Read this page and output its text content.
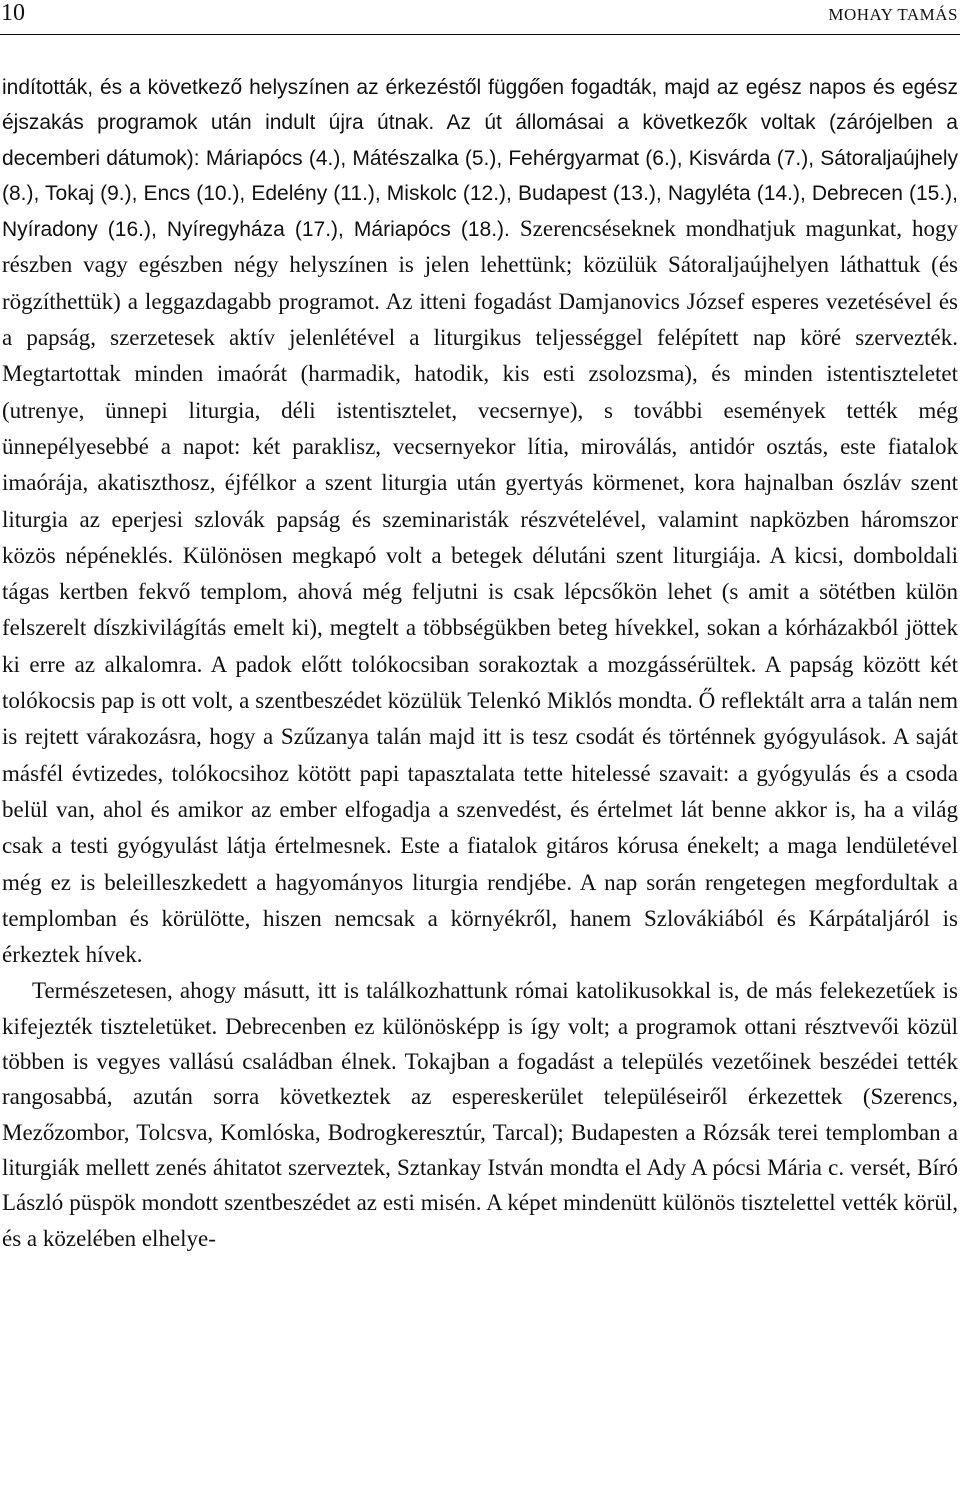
10	MOHAY TAMÁS

indították, és a következő helyszínen az érkezéstől függően fogadták, majd az egész napos és egész éjszakás programok után indult újra útnak. Az út állomásai a következők voltak (zárójelben a decemberi dátumok): Máriapócs (4.), Mátészalka (5.), Fehérgyarmat (6.), Kisvárda (7.), Sátoraljaújhely (8.), Tokaj (9.), Encs (10.), Edelény (11.), Miskolc (12.), Budapest (13.), Nagyléta (14.), Debrecen (15.), Nyíradony (16.), Nyíregyháza (17.), Máriapócs (18.). Szerencséseknek mondhatjuk magunkat, hogy részben vagy egészben négy helyszínen is jelen lehettünk; közülük Sátoraljaújhelyen láthattuk (és rögzíthettük) a leggazdagabb programot. Az itteni fogadást Damjanovics József esperes vezetésével és a papság, szerzetesek aktív jelenlétével a liturgikus teljességgel felépített nap köré szervezték. Megtartottak minden imaórát (harmadik, hatodik, kis esti zsolozsma), és minden istentiszteletet (utrenye, ünnepi liturgia, déli istentisztelet, vecsernye), s további események tették még ünnepélyesebbé a napot: két paraklisz, vecsernyekor lítia, miroválás, antidór osztás, este fiatalok imaórája, akatiszthosz, éjfélkor a szent liturgia után gyertyás körmenet, kora hajnalban ószláv szent liturgia az eperjesi szlovák papság és szeminaristák részvételével, valamint napközben háromszor közös népéneklés. Különösen megkapó volt a betegek délutáni szent liturgiája. A kicsi, domboldali tágas kertben fekvő templom, ahová még feljutni is csak lépcsőkön lehet (s amit a sötétben külön felszerelt díszkivilágítás emelt ki), megtelt a többségükben beteg hívekkel, sokan a kórházakból jöttek ki erre az alkalomra. A padok előtt tolókocsiban sorakoztak a mozgássérültek. A papság között két tolókocsis pap is ott volt, a szentbeszédet közülük Telenkó Miklós mondta. Ő reflektált arra a talán nem is rejtett várakozásra, hogy a Szűzanya talán majd itt is tesz csodát és történnek gyógyulások. A saját másfél évtizedes, tolókocsihoz kötött papi tapasztalata tette hitelessé szavait: a gyógyulás és a csoda belül van, ahol és amikor az ember elfogadja a szenvedést, és értelmet lát benne akkor is, ha a világ csak a testi gyógyulást látja értelmesnek. Este a fiatalok gitáros kórusa énekelt; a maga lendületével még ez is beleilleszkedett a hagyományos liturgia rendjébe. A nap során rengetegen megfordultak a templomban és körülötte, hiszen nemcsak a környékről, hanem Szlovákiából és Kárpátaljáról is érkeztek hívek.

Természetesen, ahogy másutt, itt is találkozhattunk római katolikusokkal is, de más felekezetűek is kifejezték tiszteletüket. Debrecenben ez különösképp is így volt; a programok ottani résztvevői közül többen is vegyes vallású családban élnek. Tokajban a fogadást a település vezetőinek beszédei tették rangosabbá, azután sorra következtek az espereskerület településeiről érkezettek (Szerencs, Mezőzombor, Tolcsva, Komlóska, Bodrogkeresztúr, Tarcal); Budapesten a Rózsák terei templomban a liturgiák mellett zenés áhitatot szerveztek, Sztankay István mondta el Ady A pócsi Mária c. versét, Bíró László püspök mondott szentbeszédet az esti misén. A képet mindenütt különös tisztelettel vették körül, és a közelében elhelye-
